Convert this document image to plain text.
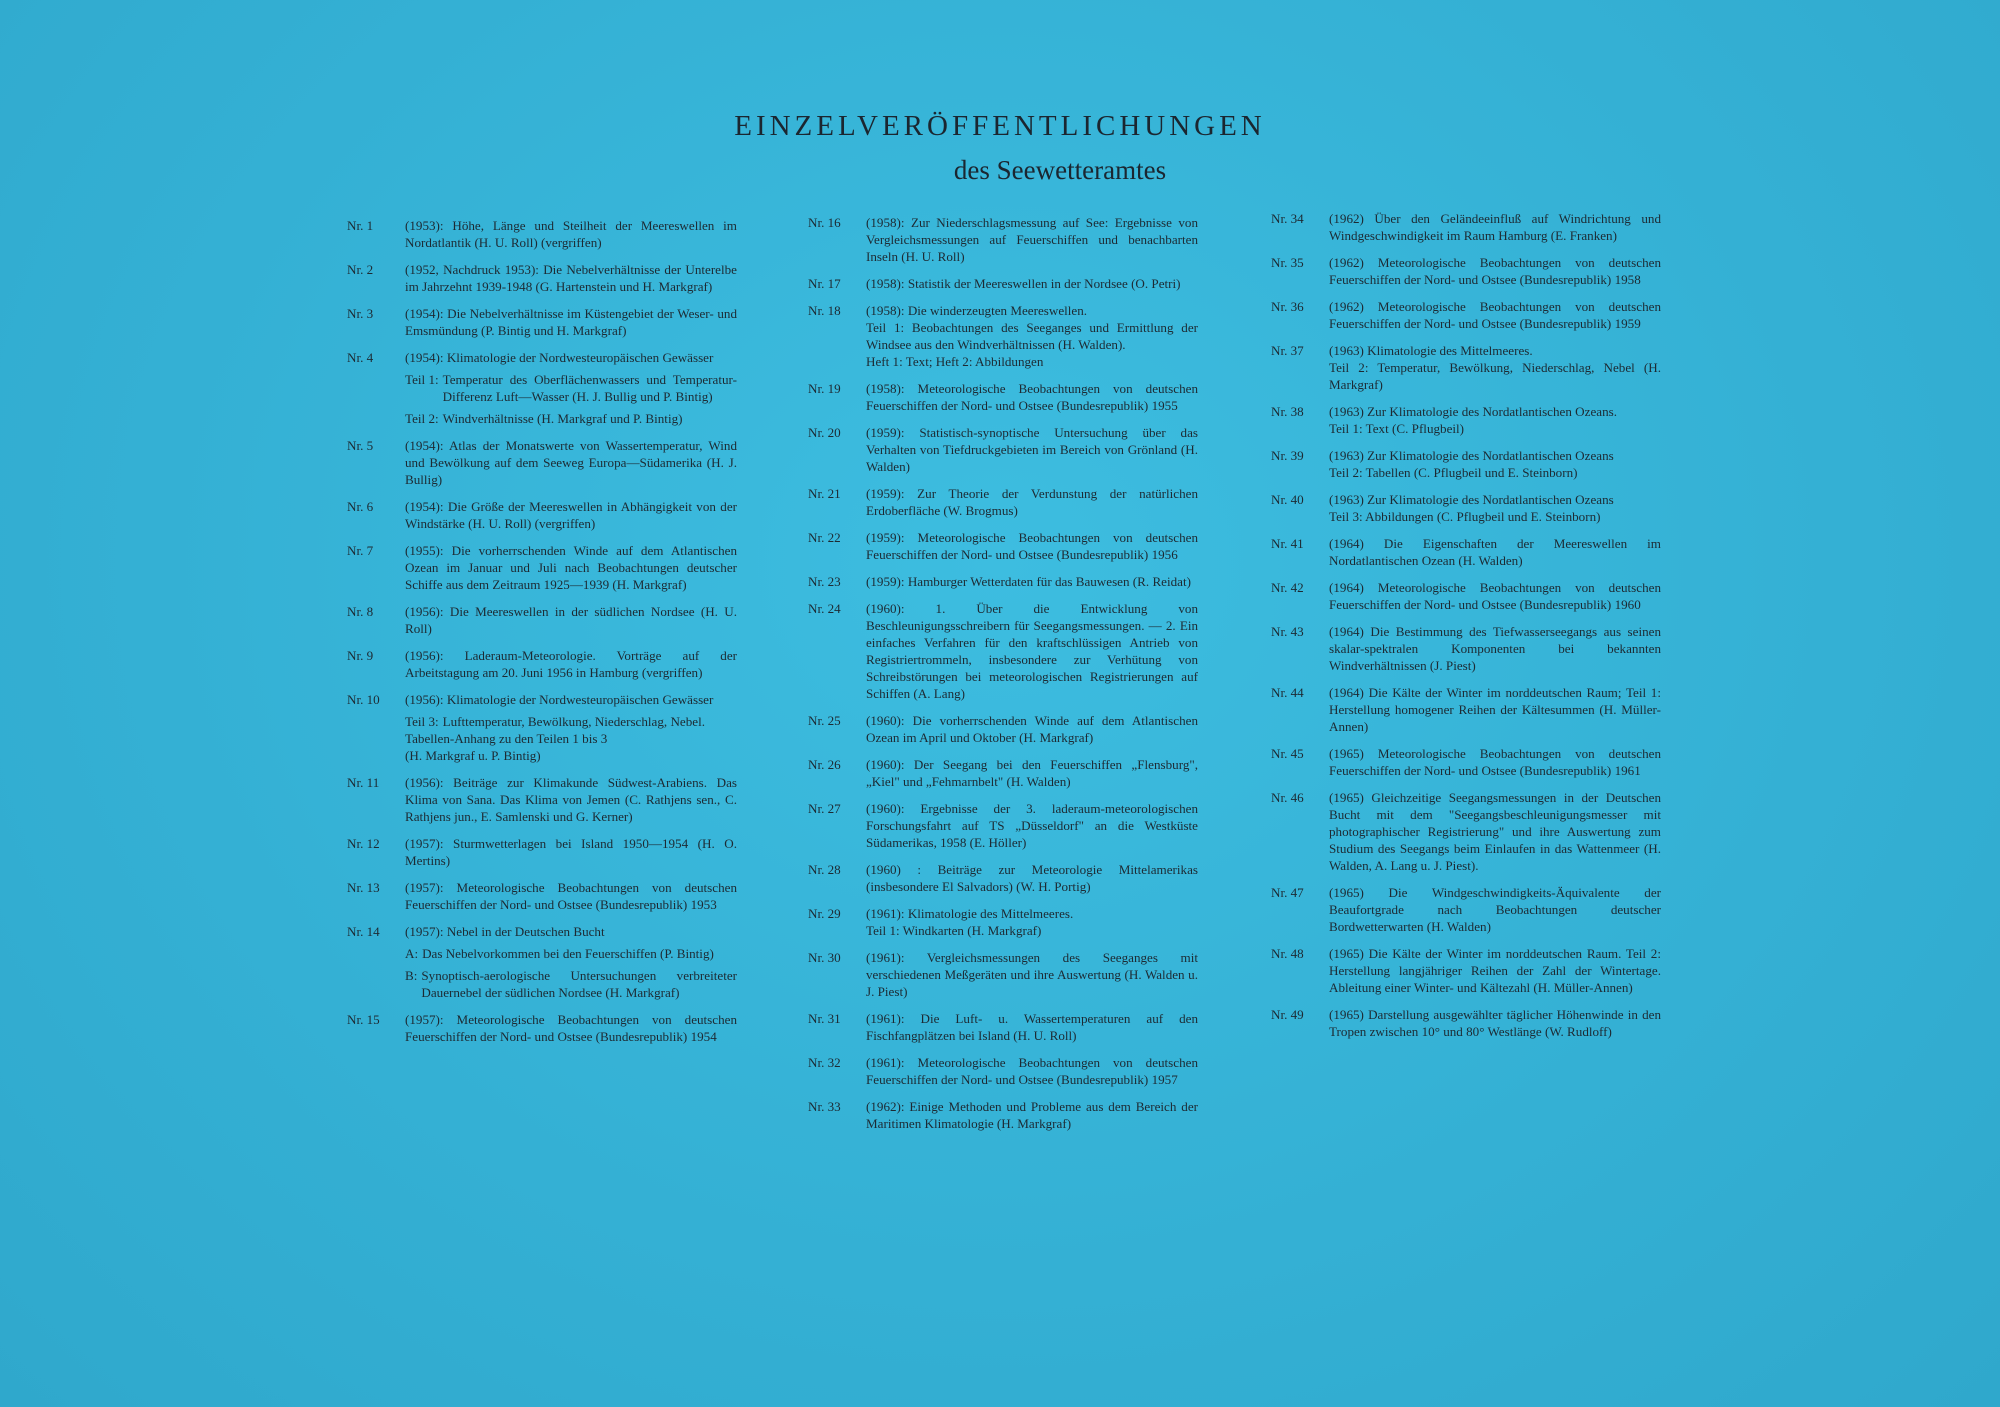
EINZELVERÖFFENTLICHUNGEN
des Seewetteramtes
Nr. 1	(1953): Höhe, Länge und Steilheit der Meereswellen im Nordatlantik (H. U. Roll) (vergriffen)
Nr. 2	(1952, Nachdruck 1953): Die Nebelverhältnisse der Unterelbe im Jahrzehnt 1939-1948 (G. Hartenstein und H. Markgraf)
Nr. 3	(1954): Die Nebelverhältnisse im Küstengebiet der Weser- und Emsmündung (P. Bintig und H. Markgraf)
Nr. 4	(1954): Klimatologie der Nordwesteuropäischen Gewässer
Teil 1: Temperatur des Oberflächenwassers und Temperatur-Differenz Luft—Wasser (H. J. Bullig und P. Bintig)
Teil 2: Windverhältnisse (H. Markgraf und P. Bintig)
Nr. 5	(1954): Atlas der Monatswerte von Wassertemperatur, Wind und Bewölkung auf dem Seeweg Europa—Südamerika (H. J. Bullig)
Nr. 6	(1954): Die Größe der Meereswellen in Abhängigkeit von der Windstärke (H. U. Roll) (vergriffen)
Nr. 7	(1955): Die vorherrschenden Winde auf dem Atlantischen Ozean im Januar und Juli nach Beobachtungen deutscher Schiffe aus dem Zeitraum 1925—1939 (H. Markgraf)
Nr. 8	(1956): Die Meereswellen in der südlichen Nordsee (H. U. Roll)
Nr. 9	(1956): Laderaum-Meteorologie. Vorträge auf der Arbeitstagung am 20. Juni 1956 in Hamburg (vergriffen)
Nr. 10	(1956): Klimatologie der Nordwesteuropäischen Gewässer
Teil 3: Lufttemperatur, Bewölkung, Niederschlag, Nebel.
Tabellen-Anhang zu den Teilen 1 bis 3
(H. Markgraf u. P. Bintig)
Nr. 11	(1956): Beiträge zur Klimakunde Südwest-Arabiens. Das Klima von Sana. Das Klima von Jemen (C. Rathjens sen., C. Rathjens jun., E. Samlenski und G. Kerner)
Nr. 12	(1957): Sturmwetterlagen bei Island 1950—1954 (H. O. Mertins)
Nr. 13	(1957): Meteorologische Beobachtungen von deutschen Feuerschiffen der Nord- und Ostsee (Bundesrepublik) 1953
Nr. 14	(1957): Nebel in der Deutschen Bucht
A: Das Nebelvorkommen bei den Feuerschiffen (P. Bintig)
B: Synoptisch-aerologische Untersuchungen verbreiteter Dauernebel der südlichen Nordsee (H. Markgraf)
Nr. 15	(1957): Meteorologische Beobachtungen von deutschen Feuerschiffen der Nord- und Ostsee (Bundesrepublik) 1954
Nr. 16	(1958): Zur Niederschlagsmessung auf See: Ergebnisse von Vergleichsmessungen auf Feuerschiffen und benachbarten Inseln (H. U. Roll)
Nr. 17	(1958): Statistik der Meereswellen in der Nordsee (O. Petri)
Nr. 18	(1958): Die winderzeugten Meereswellen.
Teil 1: Beobachtungen des Seeganges und Ermittlung der Windsee aus den Windverhältnissen (H. Walden).
Heft 1: Text; Heft 2: Abbildungen
Nr. 19	(1958): Meteorologische Beobachtungen von deutschen Feuerschiffen der Nord- und Ostsee (Bundesrepublik) 1955
Nr. 20	(1959): Statistisch-synoptische Untersuchung über das Verhalten von Tiefdruckgebieten im Bereich von Grönland (H. Walden)
Nr. 21	(1959): Zur Theorie der Verdunstung der natürlichen Erdoberfläche (W. Brogmus)
Nr. 22	(1959): Meteorologische Beobachtungen von deutschen Feuerschiffen der Nord- und Ostsee (Bundesrepublik) 1956
Nr. 23	(1959): Hamburger Wetterdaten für das Bauwesen (R. Reidat)
Nr. 24	(1960): 1. Über die Entwicklung von Beschleunigungsschreibern für Seegangsmessungen. — 2. Ein einfaches Verfahren für den kraftschlüssigen Antrieb von Registriertrommeln, insbesondere zur Verhütung von Schreibstörungen bei meteorologischen Registrierungen auf Schiffen (A. Lang)
Nr. 25	(1960): Die vorherrschenden Winde auf dem Atlantischen Ozean im April und Oktober (H. Markgraf)
Nr. 26	(1960): Der Seegang bei den Feuerschiffen „Flensburg", „Kiel" und „Fehmarnbelt" (H. Walden)
Nr. 27	(1960): Ergebnisse der 3. laderaum-meteorologischen Forschungsfahrt auf TS „Düsseldorf" an die Westküste Südamerikas, 1958 (E. Höller)
Nr. 28	(1960) : Beiträge zur Meteorologie Mittelamerikas (insbesondere El Salvadors) (W. H. Portig)
Nr. 29	(1961): Klimatologie des Mittelmeeres.
Teil 1: Windkarten (H. Markgraf)
Nr. 30	(1961): Vergleichsmessungen des Seeganges mit verschiedenen Meßgeräten und ihre Auswertung (H. Walden u. J. Piest)
Nr. 31	(1961): Die Luft- u. Wassertemperaturen auf den Fischfangplätzen bei Island (H. U. Roll)
Nr. 32	(1961): Meteorologische Beobachtungen von deutschen Feuerschiffen der Nord- und Ostsee (Bundesrepublik) 1957
Nr. 33	(1962): Einige Methoden und Probleme aus dem Bereich der Maritimen Klimatologie (H. Markgraf)
Nr. 34	(1962) Über den Geländeeinfluß auf Windrichtung und Windgeschwindigkeit im Raum Hamburg (E. Franken)
Nr. 35	(1962) Meteorologische Beobachtungen von deutschen Feuerschiffen der Nord- und Ostsee (Bundesrepublik) 1958
Nr. 36	(1962) Meteorologische Beobachtungen von deutschen Feuerschiffen der Nord- und Ostsee (Bundesrepublik) 1959
Nr. 37	(1963) Klimatologie des Mittelmeeres.
Teil 2: Temperatur, Bewölkung, Niederschlag, Nebel (H. Markgraf)
Nr. 38	(1963) Zur Klimatologie des Nordatlantischen Ozeans.
Teil 1: Text (C. Pflugbeil)
Nr. 39	(1963) Zur Klimatologie des Nordatlantischen Ozeans
Teil 2: Tabellen (C. Pflugbeil und E. Steinborn)
Nr. 40	(1963) Zur Klimatologie des Nordatlantischen Ozeans
Teil 3: Abbildungen (C. Pflugbeil und E. Steinborn)
Nr. 41	(1964) Die Eigenschaften der Meereswellen im Nordatlantischen Ozean (H. Walden)
Nr. 42	(1964) Meteorologische Beobachtungen von deutschen Feuerschiffen der Nord- und Ostsee (Bundesrepublik) 1960
Nr. 43	(1964) Die Bestimmung des Tiefwasserseegangs aus seinen skalar-spektralen Komponenten bei bekannten Windverhältnissen (J. Piest)
Nr. 44	(1964) Die Kälte der Winter im norddeutschen Raum; Teil 1: Herstellung homogener Reihen der Kältesummen (H. Müller-Annen)
Nr. 45	(1965) Meteorologische Beobachtungen von deutschen Feuerschiffen der Nord- und Ostsee (Bundesrepublik) 1961
Nr. 46	(1965) Gleichzeitige Seegangsmessungen in der Deutschen Bucht mit dem "Seegangsbeschleunigungsmesser mit photographischer Registrierung" und ihre Auswertung zum Studium des Seegangs beim Einlaufen in das Wattenmeer (H. Walden, A. Lang u. J. Piest).
Nr. 47	(1965) Die Windgeschwindigkeits-Äquivalente der Beaufortgrade nach Beobachtungen deutscher Bordwetterwarten (H. Walden)
Nr. 48	(1965) Die Kälte der Winter im norddeutschen Raum. Teil 2: Herstellung langjähriger Reihen der Zahl der Wintertage. Ableitung einer Winter- und Kältezahl (H. Müller-Annen)
Nr. 49	(1965) Darstellung ausgewählter täglicher Höhenwinde in den Tropen zwischen 10° und 80° Westlänge (W. Rudloff)
